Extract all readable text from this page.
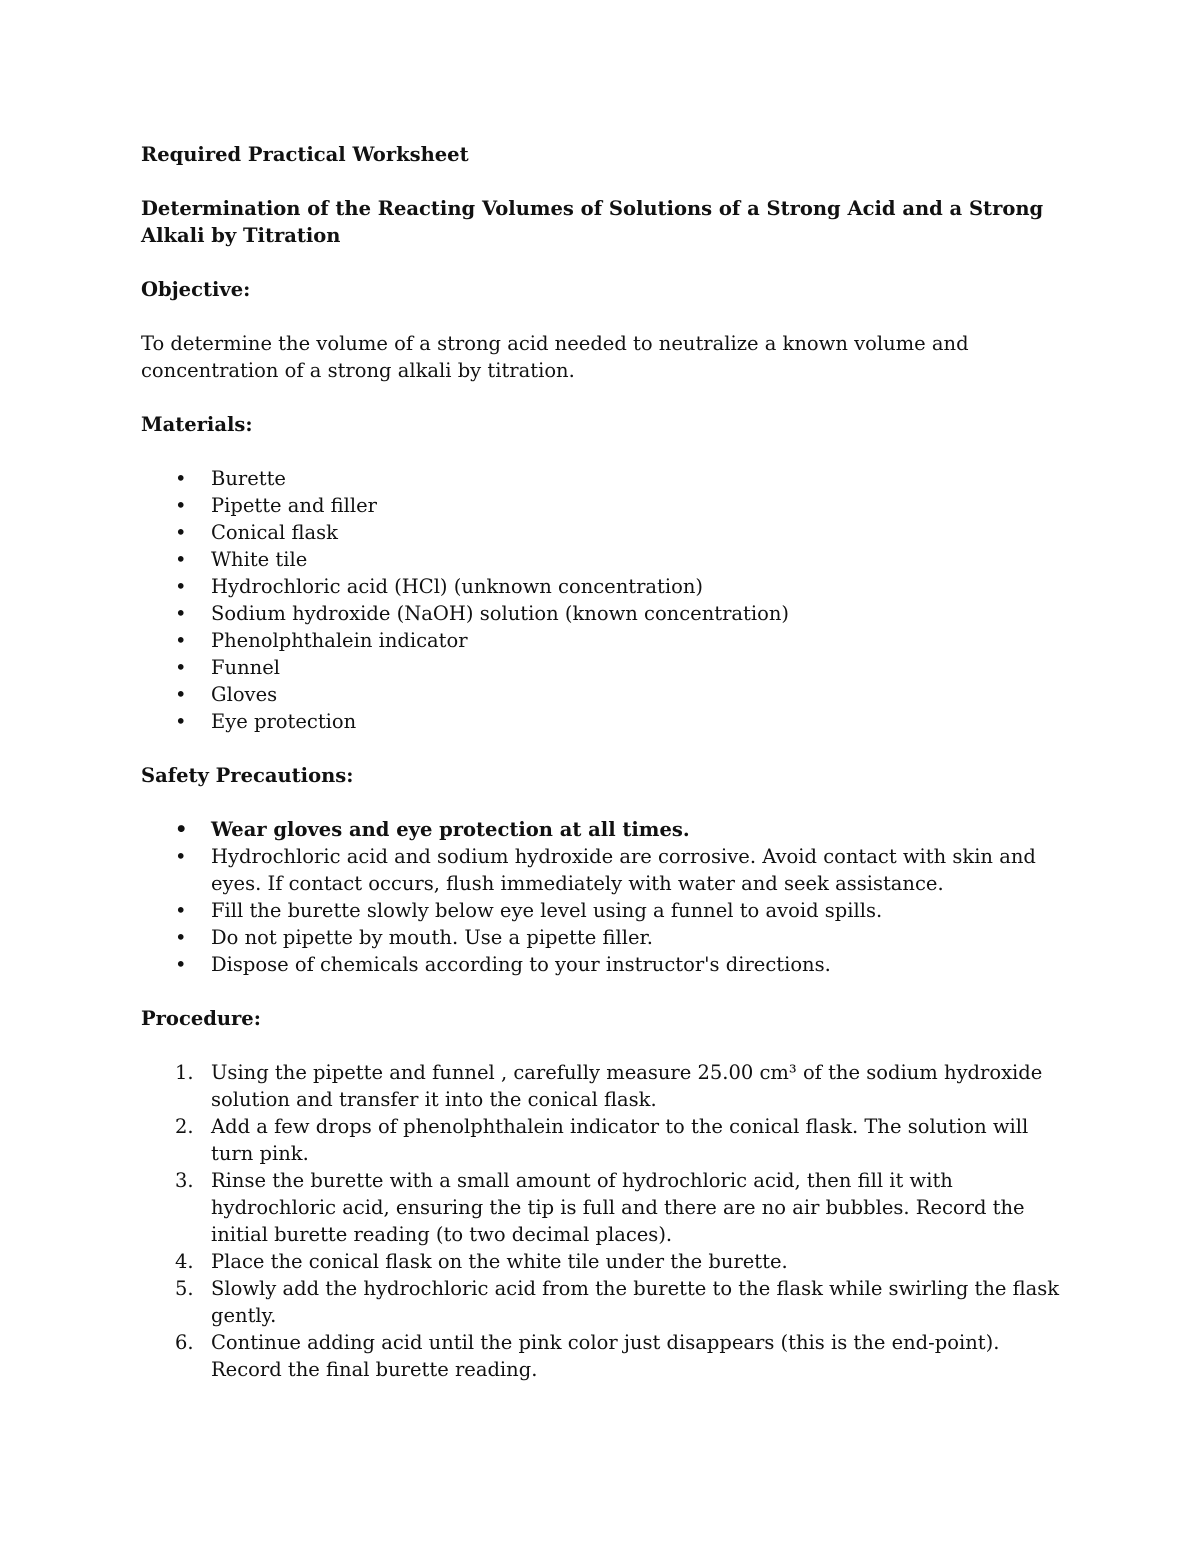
Required Practical Worksheet
Determination of the Reacting Volumes of Solutions of a Strong Acid and a Strong Alkali by Titration
Objective:

To determine the volume of a strong acid needed to neutralize a known volume and concentration of a strong alkali by titration.

Materials:
• Burette
• Pipette and filler
• Conical flask
• White tile
• Hydrochloric acid (HCl) (unknown concentration)
• Sodium hydroxide (NaOH) solution (known concentration)
• Phenolphthalein indicator
• Funnel
• Gloves
• Eye protection
Safety Precautions:
• Wear gloves and eye protection at all times.
• Hydrochloric acid and sodium hydroxide are corrosive. Avoid contact with skin and eyes. If contact occurs, flush immediately with water and seek assistance.
• Fill the burette slowly below eye level using a funnel to avoid spills.
• Do not pipette by mouth. Use a pipette filler.
• Dispose of chemicals according to your instructor's directions.
Procedure:
1. Using the pipette and funnel , carefully measure 25.00 cm³ of the sodium hydroxide solution and transfer it into the conical flask.
2. Add a few drops of phenolphthalein indicator to the conical flask. The solution will turn pink.
3. Rinse the burette with a small amount of hydrochloric acid, then fill it with hydrochloric acid, ensuring the tip is full and there are no air bubbles. Record the initial burette reading (to two decimal places).
4. Place the conical flask on the white tile under the burette.
5. Slowly add the hydrochloric acid from the burette to the flask while swirling the flask gently.
6. Continue adding acid until the pink color just disappears (this is the end-point). Record the final burette reading.
